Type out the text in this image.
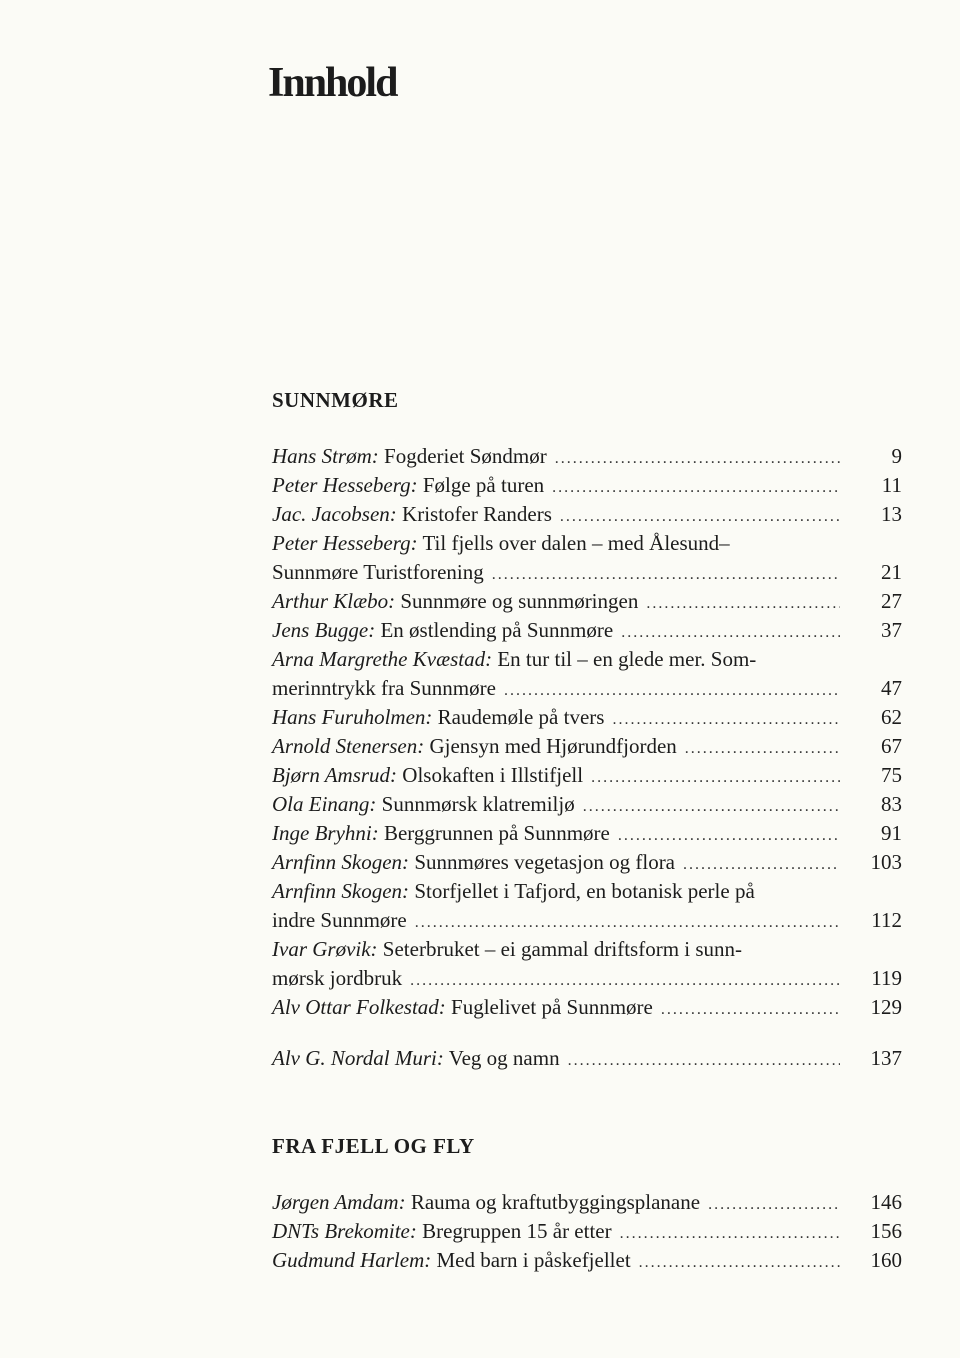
Innhold
SUNNMØRE
Hans Strøm: Fogderiet Søndmør .....	9
Peter Hesseberg: Følge på turen .....	11
Jac. Jacobsen: Kristofer Randers .....	13
Peter Hesseberg: Til fjells over dalen – med Ålesund–
Sunnmøre Turistforening .....	21
Arthur Klæbo: Sunnmøre og sunnmøringen .....	27
Jens Bugge: En østlending på Sunnmøre .....	37
Arna Margrethe Kvæstad: En tur til – en glede mer. Som-
merinntrykk fra Sunnmøre .....	47
Hans Furuholmen: Raudemøle på tvers .....	62
Arnold Stenersen: Gjensyn med Hjørundfjorden .....	67
Bjørn Amsrud: Olsokaften i Illstifjell .....	75
Ola Einang: Sunnmørsk klatremiljø .....	83
Inge Bryhni: Berggrunnen på Sunnmøre .....	91
Arnfinn Skogen: Sunnmøres vegetasjon og flora .....	103
Arnfinn Skogen: Storfjellet i Tafjord, en botanisk perle på
indre Sunnmøre .....	112
Ivar Grøvik: Seterbruket – ei gammal driftsform i sunn-
mørsk jordbruk .....	119
Alv Ottar Folkestad: Fuglelivet på Sunnmøre .....	129
Alv G. Nordal Muri: Veg og namn .....	137
FRA FJELL OG FLY
Jørgen Amdam: Rauma og kraftutbyggingsplanane .....	146
DNTs Brekomite: Bregruppen 15 år etter .....	156
Gudmund Harlem: Med barn i påskefjellet .....	160
